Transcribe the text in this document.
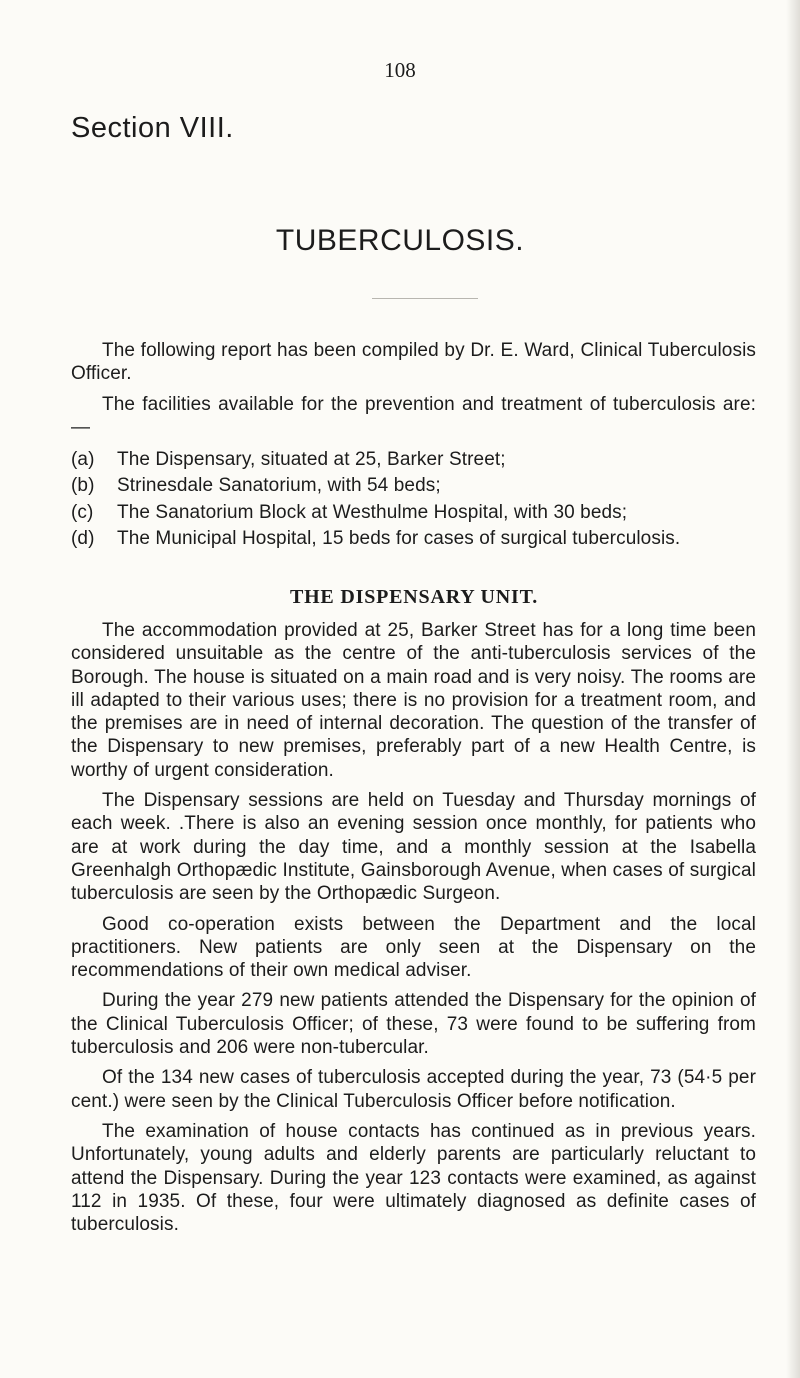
108
Section VIII.
TUBERCULOSIS.

The following report has been compiled by Dr. E. Ward, Clinical Tuberculosis Officer.

The facilities available for the prevention and treatment of tuberculosis are: —

(a)	The Dispensary, situated at 25, Barker Street;
(b)	Strinesdale Sanatorium, with 54 beds;
(c)	The Sanatorium Block at Westhulme Hospital, with 30 beds;
(d)	The Municipal Hospital, 15 beds for cases of surgical tuberculosis.
THE DISPENSARY UNIT.

The accommodation provided at 25, Barker Street has for a long time been considered unsuitable as the centre of the anti-tuberculosis services of the Borough. The house is situated on a main road and is very noisy. The rooms are ill adapted to their various uses; there is no provision for a treatment room, and the premises are in need of internal decoration. The question of the transfer of the Dispensary to new premises, preferably part of a new Health Centre, is worthy of urgent consideration.

The Dispensary sessions are held on Tuesday and Thursday mornings of each week. .There is also an evening session once monthly, for patients who are at work during the day time, and a monthly session at the Isabella Greenhalgh Orthopædic Institute, Gainsborough Avenue, when cases of surgical tuberculosis are seen by the Orthopædic Surgeon.

Good co-operation exists between the Department and the local practitioners. New patients are only seen at the Dispensary on the recommendations of their own medical adviser.

During the year 279 new patients attended the Dispensary for the opinion of the Clinical Tuberculosis Officer; of these, 73 were found to be suffering from tuberculosis and 206 were non-tubercular.

Of the 134 new cases of tuberculosis accepted during the year, 73 (54·5 per cent.) were seen by the Clinical Tuberculosis Officer before notification.

The examination of house contacts has continued as in previous years. Unfortunately, young adults and elderly parents are particularly reluctant to attend the Dispensary. During the year 123 contacts were examined, as against 112 in 1935. Of these, four were ultimately diagnosed as definite cases of tuberculosis.
